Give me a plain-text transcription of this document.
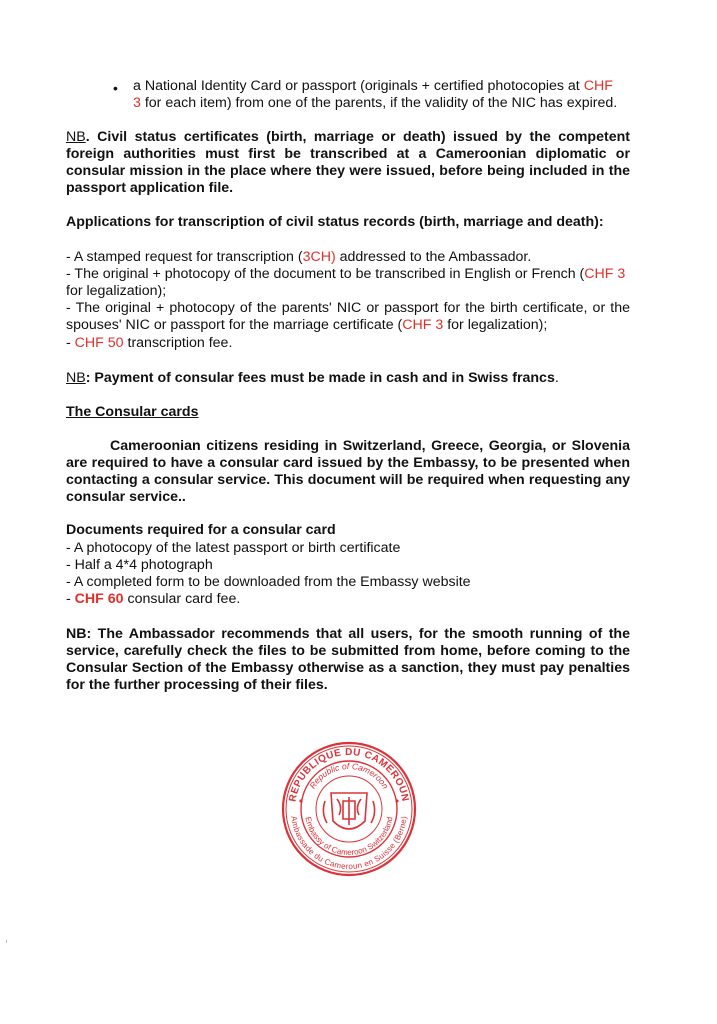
• a National Identity Card or passport (originals + certified photocopies at CHF
3 for each item) from one of the parents, if the validity of the NIC has expired.

NB. Civil status certificates (birth, marriage or death) issued by the competent foreign authorities must first be transcribed at a Cameroonian diplomatic or consular mission in the place where they were issued, before being included in the passport application file.

Applications for transcription of civil status records (birth, marriage and death):

- A stamped request for transcription (3CH) addressed to the Ambassador.

- The original + photocopy of the document to be transcribed in English or French (CHF 3 for legalization);

- The original + photocopy of the parents' NIC or passport for the birth certificate, or the spouses' NIC or passport for the marriage certificate (CHF 3 for legalization);

- CHF 50 transcription fee.

NB: Payment of consular fees must be made in cash and in Swiss francs.

The Consular cards

Cameroonian citizens residing in Switzerland, Greece, Georgia, or Slovenia are required to have a consular card issued by the Embassy, to be presented when contacting a consular service. This document will be required when requesting any consular service..

Documents required for a consular card

- A photocopy of the latest passport or birth certificate

- Half a 4*4 photograph

- A completed form to be downloaded from the Embassy website

- CHF 60 consular card fee.

NB: The Ambassador recommends that all users, for the smooth running of the service, carefully check the files to be submitted from home, before coming to the Consular Section of the Embassy otherwise as a sanction, they must pay penalties for the further processing of their files.

REPUBLIQUE DU CAMEROUN
Ambassade du Cameroun en Suisse (Berne)
Republic of Cameroon
Embassy of Cameroon Switzerland
